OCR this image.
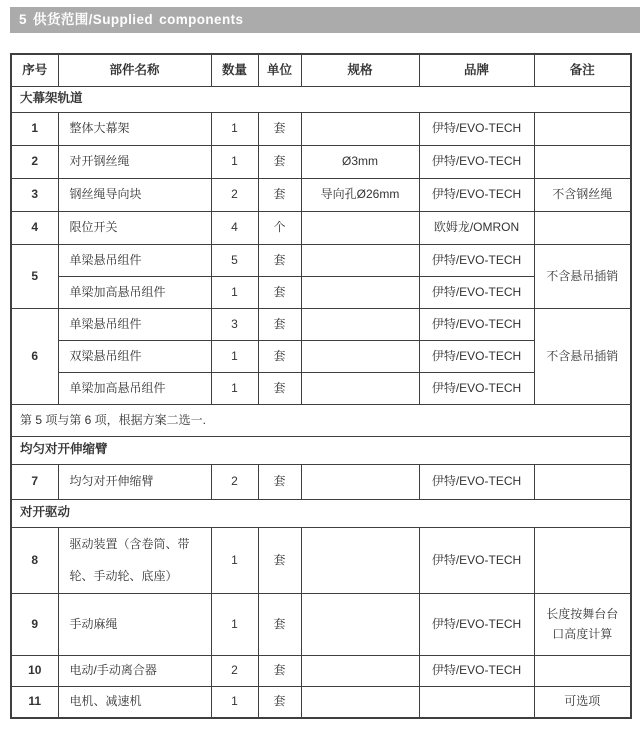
5 供货范围/Supplied components
序号	部件名称	数量	单位	规格	品牌	备注
大幕架轨道						
1	整体大幕架	1	套		伊特/EVO-TECH	
2	对开钢丝绳	1	套	Ø3mm	伊特/EVO-TECH	
3	钢丝绳导向块	2	套	导向孔Ø26mm	伊特/EVO-TECH	不含钢丝绳
4	限位开关	4	个		欧姆龙/OMRON	
5	单梁悬吊组件	5	套		伊特/EVO-TECH	不含悬吊插销
	单梁加高悬吊组件	1	套		伊特/EVO-TECH	
6	单梁悬吊组件	3	套		伊特/EVO-TECH	不含悬吊插销
	双梁悬吊组件	1	套		伊特/EVO-TECH	
	单梁加高悬吊组件	1	套		伊特/EVO-TECH	
第 5 项与第 6 项，根据方案二选一.						
均匀对开伸缩臂						
7	均匀对开伸缩臂	2	套		伊特/EVO-TECH	
对开驱动						
8	驱动装置（含卷筒、带轮、手动轮、底座）	1	套		伊特/EVO-TECH	
9	手动麻绳	1	套		伊特/EVO-TECH	长度按舞台台口高度计算
10	电动/手动离合器	2	套		伊特/EVO-TECH	
11	电机、减速机	1	套			可选项
